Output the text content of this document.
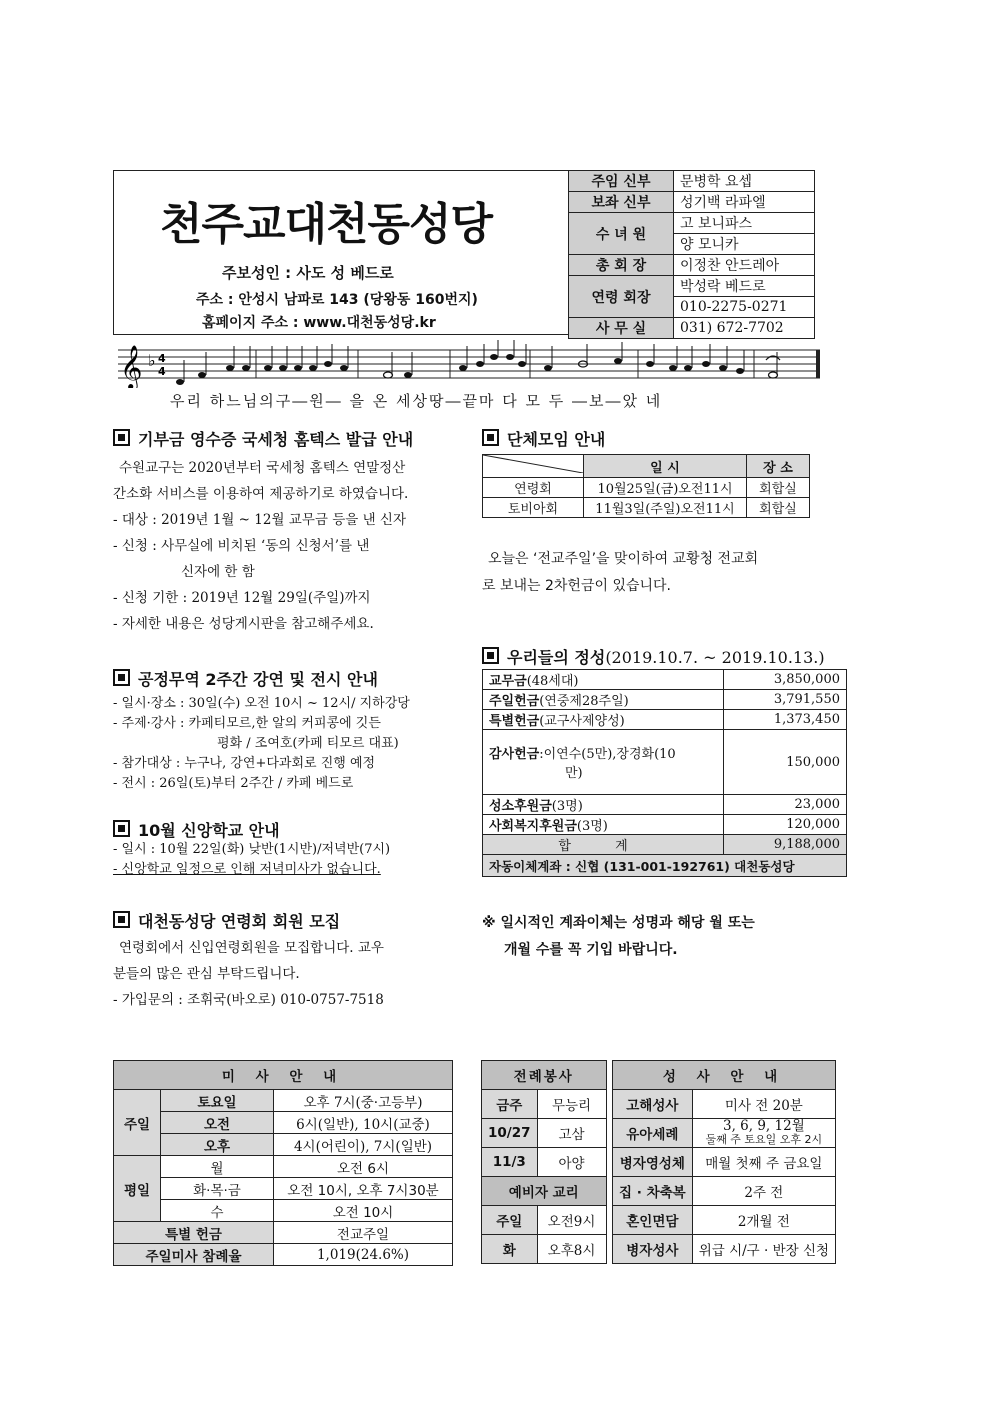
천주교대천동성당
주보성인 : 사도 성 베드로
주소 : 안성시 남파로 143 (당왕동 160번지)
홈페이지 주소 : www.대천동성당.kr
주임 신부	문병학 요셉
보좌 신부	성기백 라파엘
수 녀 원	고 보니파스
	양 모니카
총 회 장	이정찬 안드레아
연령 회장	박성락 베드로
	010-2275-0271
사 무 실	031) 672-7702
𝄞 ♭ 4
4
우리 하느님의구―원― 을 온 세상땅―끝마 다 모 두 ―보―았 네
기부금 영수증 국세청 홈텍스 발급 안내
수원교구는 2020년부터 국세청 홈텍스 연말정산
간소화 서비스를 이용하여 제공하기로 하였습니다.
- 대상 : 2019년 1월 ~ 12월 교무금 등을 낸 신자
- 신청 : 사무실에 비치된 ‘동의 신청서’를 낸
신자에 한 함
- 신청 기한 : 2019년 12월 29일(주일)까지
- 자세한 내용은 성당게시판을 참고해주세요.
공정무역 2주간 강연 및 전시 안내
- 일시·장소 : 30일(수) 오전 10시 ~ 12시/ 지하강당
- 주제·강사 : 카페티모르,한 알의 커피콩에 깃든
평화 / 조여호(카페 티모르 대표)
- 참가대상 : 누구나, 강연+다과회로 진행 예정
- 전시 : 26일(토)부터 2주간 / 카페 베드로
10월 신앙학교 안내
- 일시 : 10월 22일(화) 낮반(1시반)/저녁반(7시)
- 신앙학교 일정으로 인해 저녁미사가 없습니다.
대천동성당 연령회 회원 모집
연령회에서 신입연령회원을 모집합니다. 교우
분들의 많은 관심 부탁드립니다.
- 가입문의 : 조휘국(바오로) 010-0757-7518
단체모임 안내
	일 시	장 소
연령회	10월25일(금)오전11시	회합실
토비아회	11월3일(주일)오전11시	회합실
오늘은 ‘전교주일’을 맞이하여 교황청 전교회
로 보내는 2차헌금이 있습니다.
우리들의 정성(2019.10.7. ~ 2019.10.13.)
교무금(48세대)	3,850,000
주일헌금(연중제28주일)	3,791,550
특별헌금(교구사제양성)	1,373,450
감사헌금:이연수(5만),장경화(10
만)	150,000
성소후원금(3명)	23,000
사회복지후원금(3명)	120,000
합 계	9,188,000
자동이체계좌 : 신협 (131-001-192761) 대천동성당	
※ 일시적인 계좌이체는 성명과 해당 월 또는
개월 수를 꼭 기입 바랍니다.
미 사 안 내		
주일	토요일	오후 7시(중·고등부)
	오전	6시(일반), 10시(교중)
	오후	4시(어린이), 7시(일반)
평일	월	오전 6시
	화·목·금	오전 10시, 오후 7시30분
	수	오전 10시
특별 헌금		전교주일
주일미사 참례율		1,019(24.6%)
전례봉사	
금주	무능리
10/27	고삼
11/3	아양
예비자 교리	
주일	오전9시
화	오후8시
성 사 안 내	
고해성사	미사 전 20분
유아세례	3, 6, 9, 12월
둘째 주 토요일 오후 2시

병자영성체	매월 첫째 주 금요일
집 · 차축복	2주 전
혼인면담	2개월 전
병자성사	위급 시/구 · 반장 신청
